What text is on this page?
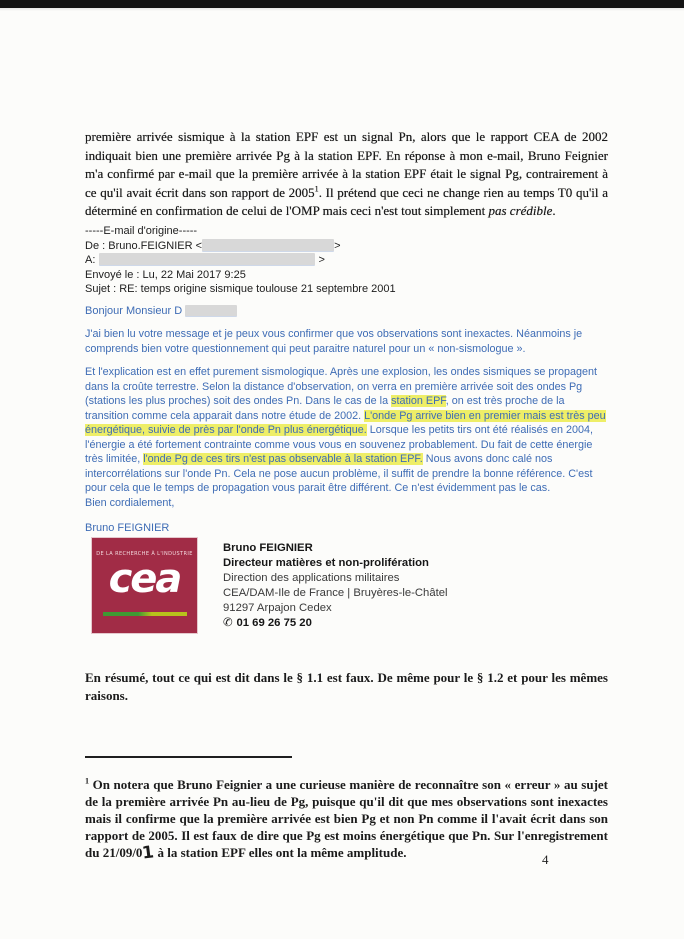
première arrivée sismique à la station EPF est un signal Pn, alors que le rapport CEA de 2002 indiquait bien une première arrivée Pg à la station EPF. En réponse à mon e-mail, Bruno Feignier m'a confirmé par e-mail que la première arrivée à la station EPF était le signal Pg, contrairement à ce qu'il avait écrit dans son rapport de 2005$^1$. Il prétend que ceci ne change rien au temps T0 qu'il a déterminé en confirmation de celui de l'OMP mais ceci n'est tout simplement pas crédible.

-----E-mail d'origine-----
De : Bruno.FEIGNIER <	>
A:	>
Envoyé le : Lu, 22 Mai 2017 9:25
Sujet : RE: temps origine sismique toulouse 21 septembre 2001
Bonjour Monsieur D

J'ai bien lu votre message et je peux vous confirmer que vos observations sont inexactes. Néanmoins je comprends bien votre questionnement qui peut paraitre naturel pour un « non-sismologue ».

Et l'explication est en effet purement sismologique. Après une explosion, les ondes sismiques se propagent dans la croûte terrestre. Selon la distance d'observation, on verra en première arrivée soit des ondes Pg (stations les plus proches) soit des ondes Pn. Dans le cas de la station EPF, on est très proche de la transition comme cela apparait dans notre étude de 2002. L'onde Pg arrive bien en premier mais est très peu énergétique, suivie de près par l'onde Pn plus énergétique. Lorsque les petits tirs ont été réalisés en 2004, l'énergie a été fortement contrainte comme vous vous en souvenez probablement. Du fait de cette énergie très limitée, l'onde Pg de ces tirs n'est pas observable à la station EPF. Nous avons donc calé nos intercorrélations sur l'onde Pn. Cela ne pose aucun problème, il suffit de prendre la bonne référence. C'est pour cela que le temps de propagation vous parait être différent. Ce n'est évidemment pas le cas.

Bien cordialement,
Bruno FEIGNIER
DE LA RECHERCHE À L'INDUSTRIE
cea
Bruno FEIGNIER
Directeur matières et non-prolifération
Direction des applications militaires
CEA/DAM-Ile de France | Bruyères-le-Châtel
91297 Arpajon Cedex
✆ 01 69 26 75 20

En résumé, tout ce qui est dit dans le § 1.1 est faux. De même pour le § 1.2 et pour les mêmes raisons.

$^1$ On notera que Bruno Feignier a une curieuse manière de reconnaître son « erreur » au sujet de la première arrivée Pn au-lieu de Pg, puisque qu'il dit que mes observations sont inexactes mais il confirme que la première arrivée est bien Pg et non Pn comme il l'avait écrit dans son rapport de 2005. Il est faux de dire que Pg est moins énergétique que Pn. Sur l'enregistrement du 21/09/01 à la station EPF elles ont la même amplitude.	4
